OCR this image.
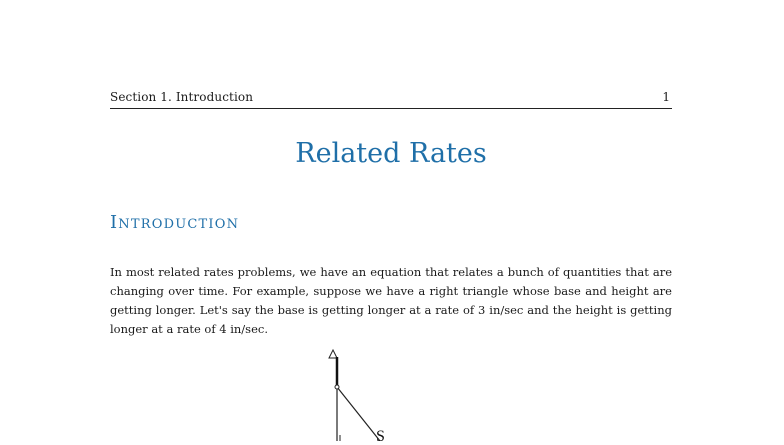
Section 1. Introduction	1
Related Rates
Introduction

In most related rates problems, we have an equation that relates a bunch of quantities that are changing over time. For example, suppose we have a right triangle whose base and height are getting longer. Let's say the base is getting longer at a rate of 3 in/sec and the height is getting longer at a rate of 4 in/sec.

S
